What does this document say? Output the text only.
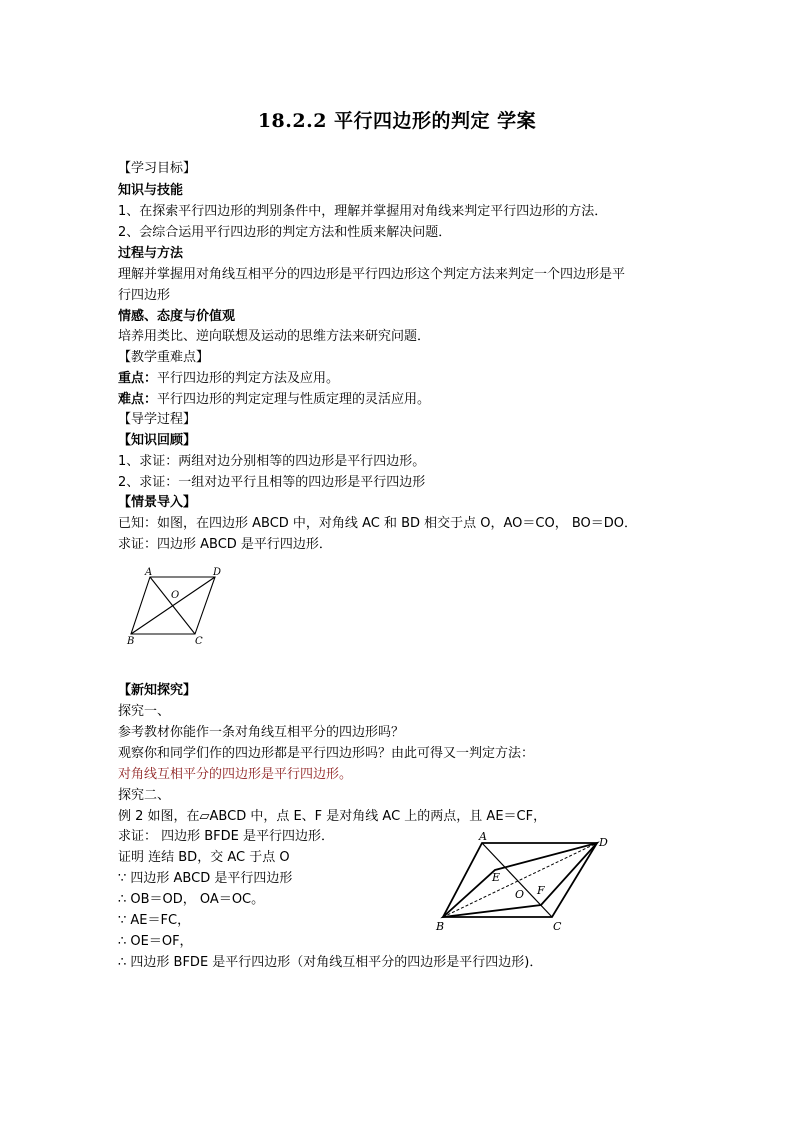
18.2.2 平行四边形的判定 学案
【学习目标】
知识与技能
1、在探索平行四边形的判别条件中，理解并掌握用对角线来判定平行四边形的方法．
2、会综合运用平行四边形的判定方法和性质来解决问题．
过程与方法
理解并掌握用对角线互相平分的四边形是平行四边形这个判定方法来判定一个四边形是平
行四边形
情感、态度与价值观
培养用类比、逆向联想及运动的思维方法来研究问题．
【教学重难点】
重点：平行四边形的判定方法及应用。
难点：平行四边形的判定定理与性质定理的灵活应用。
【导学过程】
【知识回顾】
1、求证：两组对边分别相等的四边形是平行四边形。
2、求证：一组对边平行且相等的四边形是平行四边形
【情景导入】
已知：如图，在四边形 ABCD 中，对角线 AC 和 BD 相交于点 O，AO＝CO， BO＝DO．
求证：四边形 ABCD 是平行四边形．
A	D
O
B	C
【新知探究】
探究一、
参考教材你能作一条对角线互相平分的四边形吗？
观察你和同学们作的四边形都是平行四边形吗？由此可得又一判定方法：
对角线互相平分的四边形是平行四边形。
探究二、
例 2 如图，在▱ABCD 中，点 E、F 是对角线 AC 上的两点，且 AE＝CF，
求证： 四边形 BFDE 是平行四边形．
证明 连结 BD，交 AC 于点 O
∵ 四边形 ABCD 是平行四边形
∴ OB＝OD， OA＝OC。
∵ AE＝FC，
∴ OE＝OF，
∴ 四边形 BFDE 是平行四边形（对角线互相平分的四边形是平行四边形)．
A	D
E
O F
B	C
